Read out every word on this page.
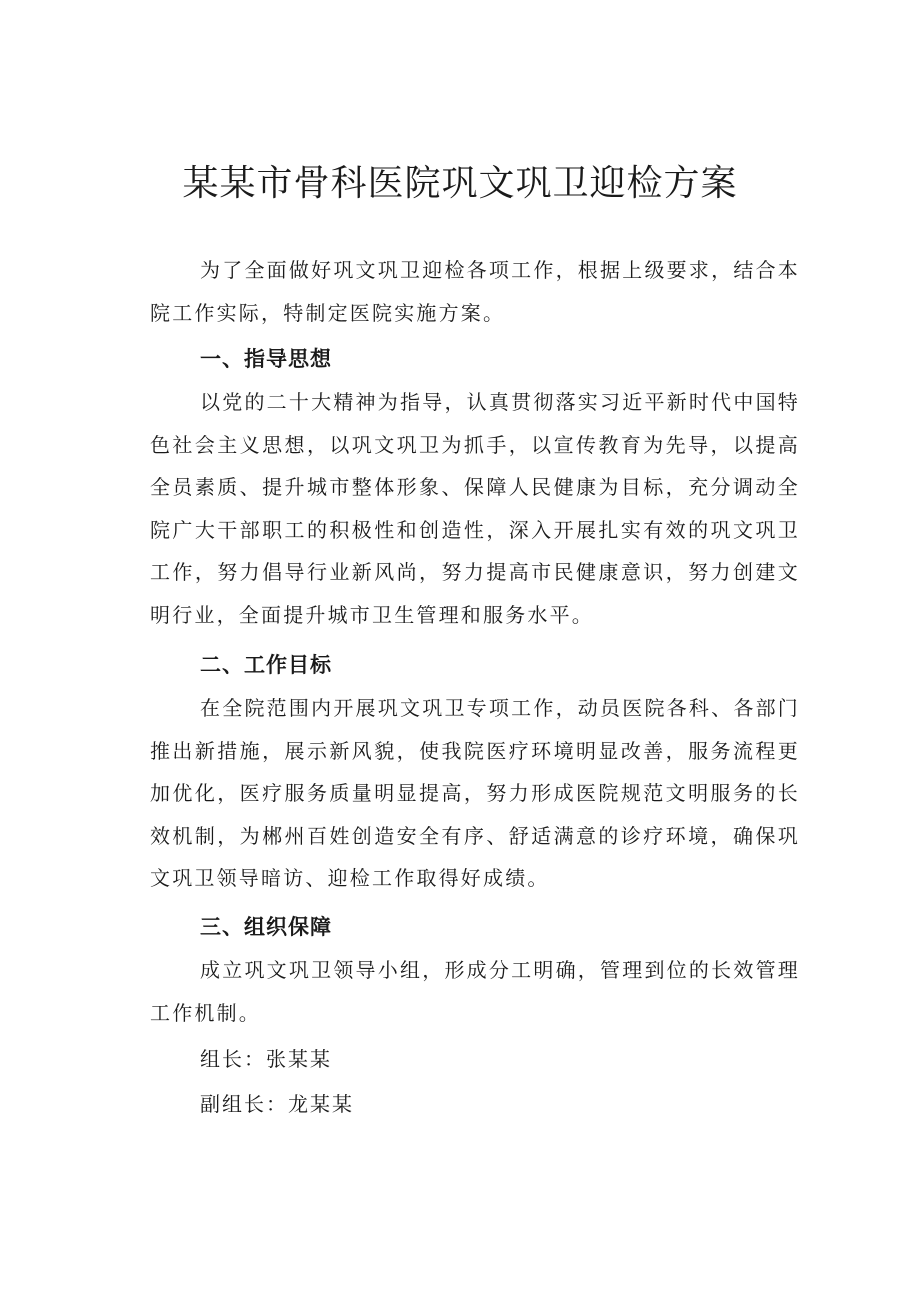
某某市骨科医院巩文巩卫迎检方案
为了全面做好巩文巩卫迎检各项工作，根据上级要求，结合本院工作实际，特制定医院实施方案。
一、指导思想
以党的二十大精神为指导，认真贯彻落实习近平新时代中国特色社会主义思想，以巩文巩卫为抓手，以宣传教育为先导，以提高全员素质、提升城市整体形象、保障人民健康为目标，充分调动全院广大干部职工的积极性和创造性，深入开展扎实有效的巩文巩卫工作，努力倡导行业新风尚，努力提高市民健康意识，努力创建文明行业，全面提升城市卫生管理和服务水平。
二、工作目标
在全院范围内开展巩文巩卫专项工作，动员医院各科、各部门推出新措施，展示新风貌，使我院医疗环境明显改善，服务流程更加优化，医疗服务质量明显提高，努力形成医院规范文明服务的长效机制，为郴州百姓创造安全有序、舒适满意的诊疗环境，确保巩文巩卫领导暗访、迎检工作取得好成绩。
三、组织保障
成立巩文巩卫领导小组，形成分工明确，管理到位的长效管理工作机制。
组长：张某某
副组长：龙某某
